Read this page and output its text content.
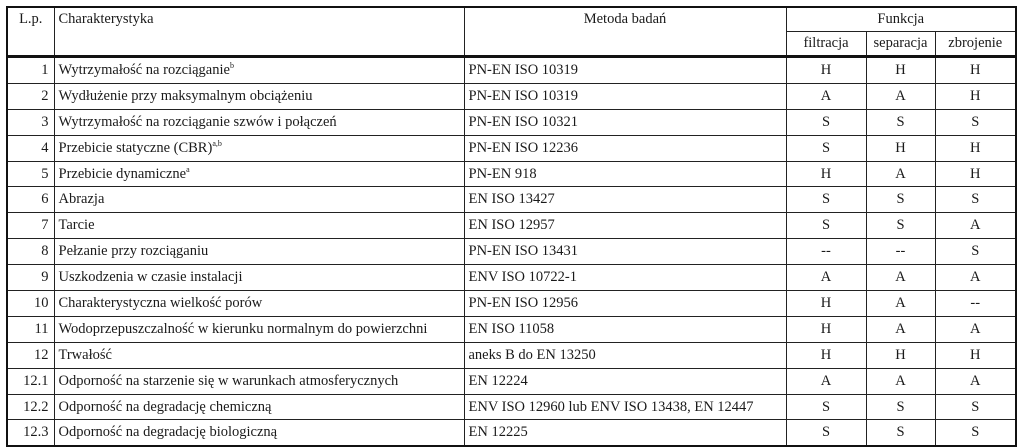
L.p.	Charakterystyka	Metoda badań	Funkcja		
			filtracja	separacja	zbrojenie
1	Wytrzymałość na rozciąganie$^b$	PN-EN ISO 10319	H	H	H
2	Wydłużenie przy maksymalnym obciążeniu	PN-EN ISO 10319	A	A	H
3	Wytrzymałość na rozciąganie szwów i połączeń	PN-EN ISO 10321	S	S	S
4	Przebicie statyczne (CBR)$^{a,b}$	PN-EN ISO 12236	S	H	H
5	Przebicie dynamiczne$^a$	PN-EN 918	H	A	H
6	Abrazja	EN ISO 13427	S	S	S
7	Tarcie	EN ISO 12957	S	S	A
8	Pełzanie przy rozciąganiu	PN-EN ISO 13431	--	--	S
9	Uszkodzenia w czasie instalacji	ENV ISO 10722-1	A	A	A
10	Charakterystyczna wielkość porów	PN-EN ISO 12956	H	A	--
11	Wodoprzepuszczalność w kierunku normalnym do powierzchni	EN ISO 11058	H	A	A
12	Trwałość	aneks B do EN 13250	H	H	H
12.1	Odporność na starzenie się w warunkach atmosferycznych	EN 12224	A	A	A
12.2	Odporność na degradację chemiczną	ENV ISO 12960 lub ENV ISO 13438, EN 12447	S	S	S
12.3	Odporność na degradację biologiczną	EN 12225	S	S	S
